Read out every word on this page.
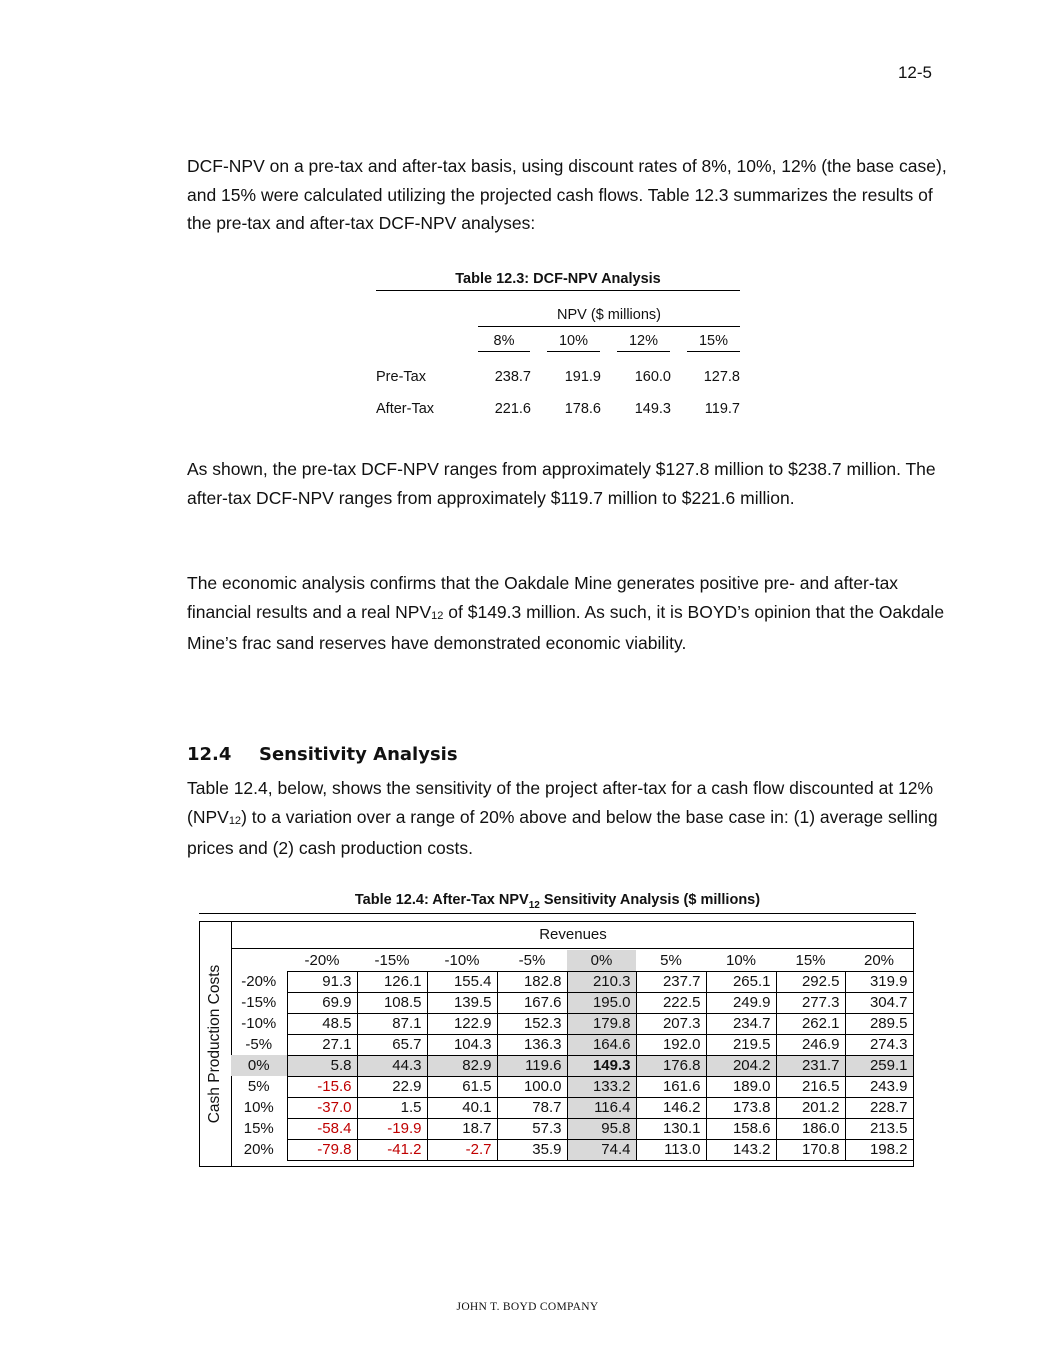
12-5

DCF-NPV on a pre-tax and after-tax basis, using discount rates of 8%, 10%, 12% (the base case), and 15% were calculated utilizing the projected cash flows. Table 12.3 summarizes the results of the pre-tax and after-tax DCF-NPV analyses:

Table 12.3: DCF-NPV Analysis
NPV ($ millions)
8%	10%	12%	15%
Pre-Tax	238.7	191.9	160.0	127.8
After-Tax	221.6	178.6	149.3	119.7

As shown, the pre-tax DCF-NPV ranges from approximately $127.8 million to $238.7 million. The after-tax DCF-NPV ranges from approximately $119.7 million to $221.6 million.

The economic analysis confirms that the Oakdale Mine generates positive pre- and after-tax financial results and a real $NPV_{12}$ of $149.3 million. As such, it is BOYD’s opinion that the Oakdale Mine’s frac sand reserves have demonstrated economic viability.

12.4 Sensitivity Analysis

Table 12.4, below, shows the sensitivity of the project after-tax for a cash flow discounted at 12% $(NPV_{12})$ to a variation over a range of 20% above and below the base case in: (1) average selling prices and (2) cash production costs.

Table 12.4: After-Tax $NPV_{12}$ Sensitivity Analysis ($ millions)
Cash Production Costs
Revenues
	-20%	-15%	-10%	-5%	0%	5%	10%	15%	20%
-20%	91.3	126.1	155.4	182.8	210.3	237.7	265.1	292.5	319.9
-15%	69.9	108.5	139.5	167.6	195.0	222.5	249.9	277.3	304.7
-10%	48.5	87.1	122.9	152.3	179.8	207.3	234.7	262.1	289.5
-5%	27.1	65.7	104.3	136.3	164.6	192.0	219.5	246.9	274.3
0%	5.8	44.3	82.9	119.6	149.3	176.8	204.2	231.7	259.1
5%	-15.6	22.9	61.5	100.0	133.2	161.6	189.0	216.5	243.9
10%	-37.0	1.5	40.1	78.7	116.4	146.2	173.8	201.2	228.7
15%	-58.4	-19.9	18.7	57.3	95.8	130.1	158.6	186.0	213.5
20%	-79.8	-41.2	-2.7	35.9	74.4	113.0	143.2	170.8	198.2
JOHN T. BOYD COMPANY
